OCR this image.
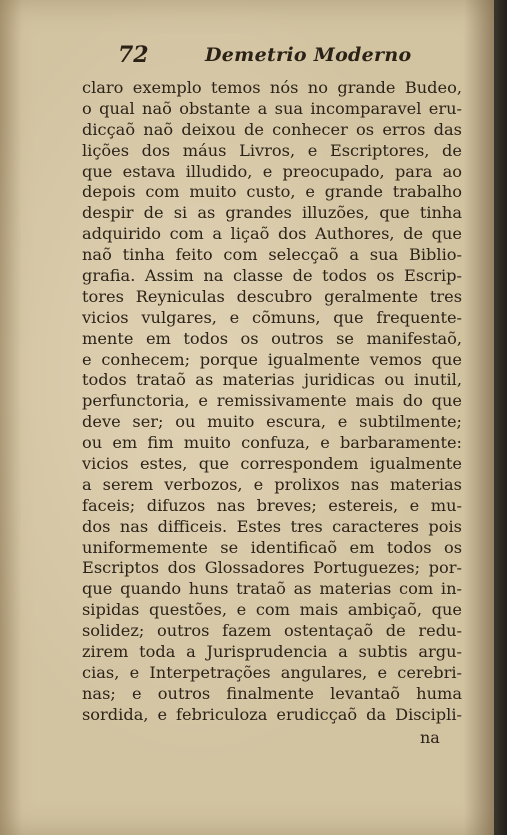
72	Demetrio Moderno
claro exemplo temos nós no grande Budeo,
o qual naõ obstante a sua incomparavel eru-
dicçaõ naõ deixou de conhecer os erros das
lições dos máus Livros, e Escriptores, de
que estava illudido, e preocupado, para ao
depois com muito custo, e grande trabalho
despir de si as grandes illuzões, que tinha
adquirido com a liçaõ dos Authores, de que
naõ tinha feito com selecçaõ a sua Biblio-
grafia. Assim na classe de todos os Escrip-
tores Reyniculas descubro geralmente tres
vicios vulgares, e cõmuns, que frequente-
mente em todos os outros se manifestaõ,
e conhecem; porque igualmente vemos que
todos trataõ as materias juridicas ou inutil,
perfunctoria, e remissivamente mais do que
deve ser; ou muito escura, e subtilmente;
ou em fim muito confuza, e barbaramente:
vicios estes, que correspondem igualmente
a serem verbozos, e prolixos nas materias
faceis; difuzos nas breves; estereis, e mu-
dos nas difficeis. Estes tres caracteres pois
uniformemente se identificaõ em todos os
Escriptos dos Glossadores Portuguezes; por-
que quando huns trataõ as materias com in-
sipidas questões, e com mais ambiçaõ, que
solidez; outros fazem ostentaçaõ de redu-
zirem toda a Jurisprudencia a subtis argu-
cias, e Interpetrações angulares, e cerebri-
nas; e outros finalmente levantaõ huma
sordida, e febriculoza erudicçaõ da Discipli-
na
